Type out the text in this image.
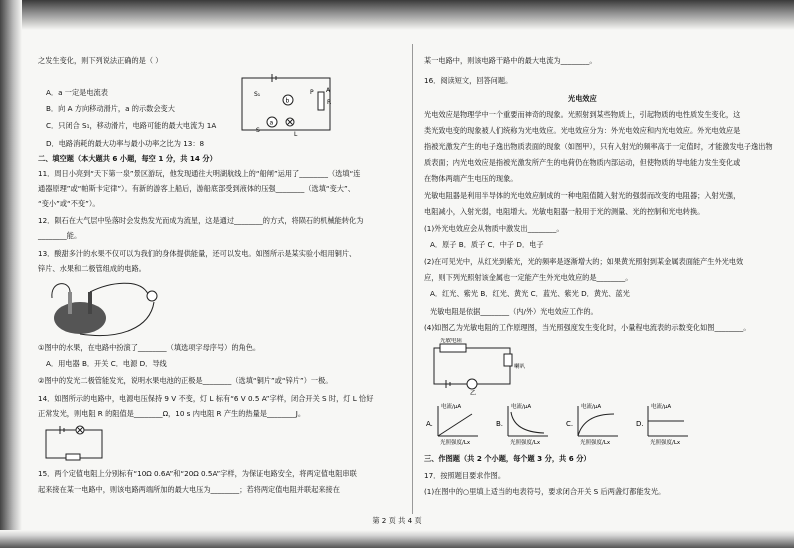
之发生变化，则下列说法正确的是（ ）
b
a
S₁
S
L
P
R
A
A．a 一定是电流表
B．向 A 方向移动滑片，a 的示数会变大
C．只闭合 S₁，移动滑片，电路可能的最大电流为 1A
D．电路消耗的最大功率与最小功率之比为 13：8
二、填空题（本大题共 6 小题，每空 1 分，共 14 分）
11．周日小亮到“天下第一泉”景区游玩，他发现通往大明湖航线上的“船闸”运用了________（选填“连
通器原理”或“帕斯卡定律”）。有新的游客上船后，游船底部受到液体的压强________（选填“变大”、
“变小”或“不变”）。
12．陨石在大气层中坠落时会发热发光而成为流星，这是通过________的方式，将陨石的机械能转化为
________能。
13．酸甜多汁的水果不仅可以为我们的身体提供能量，还可以发电。如图所示是某实验小组用铜片、
锌片、水果和二极管组成的电路。
①图中的水果，在电路中扮演了________（填选项字母序号）的角色。
A．用电器 B．开关 C．电源 D．导线
②图中的发光二极管能发光，说明水果电池的正极是________（选填“铜片”或“锌片”）一极。
14．如图所示的电路中，电源电压保持 9 V 不变，灯 L 标有“6 V 0.5 A”字样，闭合开关 S 时，灯 L 恰好
正常发光，则电阻 R 的阻值是________Ω，10 s 内电阻 R 产生的热量是________J。
15．两个定值电阻上分别标有“10Ω 0.6A”和“20Ω 0.5A”字样，为保证电路安全，将两定值电阻串联
起来接在某一电路中，则该电路两端所加的最大电压为________；若将两定值电阻并联起来接在
某一电路中，则该电路干路中的最大电流为________。
16．阅读短文，回答问题。
光电效应
光电效应是物理学中一个重要而神奇的现象。光照射到某些物质上，引起物质的电性质发生变化，这
类光致电变的现象被人们统称为光电效应。光电效应分为：外光电效应和内光电效应。外光电效应是
指被光激发产生的电子逸出物质表面的现象（如图甲），只有入射光的频率高于一定值时，才能激发电子逸出物
质表面；内光电效应是指被光激发所产生的电荷仍在物质内部运动，但使物质的导电能力发生变化或
在物体两端产生电压的现象。
光敏电阻器是利用半导体的光电效应制成的一种电阻值随入射光的强弱而改变的电阻器；入射光强，
电阻减小，入射光弱，电阻增大。光敏电阻器一般用于光的测量、光的控制和光电转换。
(1)外光电效应会从物质中激发出________。
A．原子 B．质子 C．中子 D．电子
(2)在可见光中，从红光到紫光，光的频率是逐渐增大的；如果黄光照射到某金属表面能产生外光电效
应，则下列光照射该金属也一定能产生外光电效应的是________。
A．红光、紫光 B．红光、黄光 C．蓝光、紫光 D．黄光、蓝光
光敏电阻是依据________（内/外）光电效应工作的。
(4)如图乙为光敏电阻的工作原理图，当光照强度发生变化时，小量程电流表的示数变化如图________。
光敏电阻
喇叭
乙
A.
电流/μA
光照强度/Lx
B.
电流/μA
光照强度/Lx
C.
电流/μA
光照强度/Lx
D.
电流/μA
光照强度/Lx
三、作图题（共 2 个小题，每个题 3 分，共 6 分）
17．按照题目要求作图。
(1)在图中的○里填上适当的电表符号，要求闭合开关 S 后两盏灯都能发光。
第 2 页 共 4 页
